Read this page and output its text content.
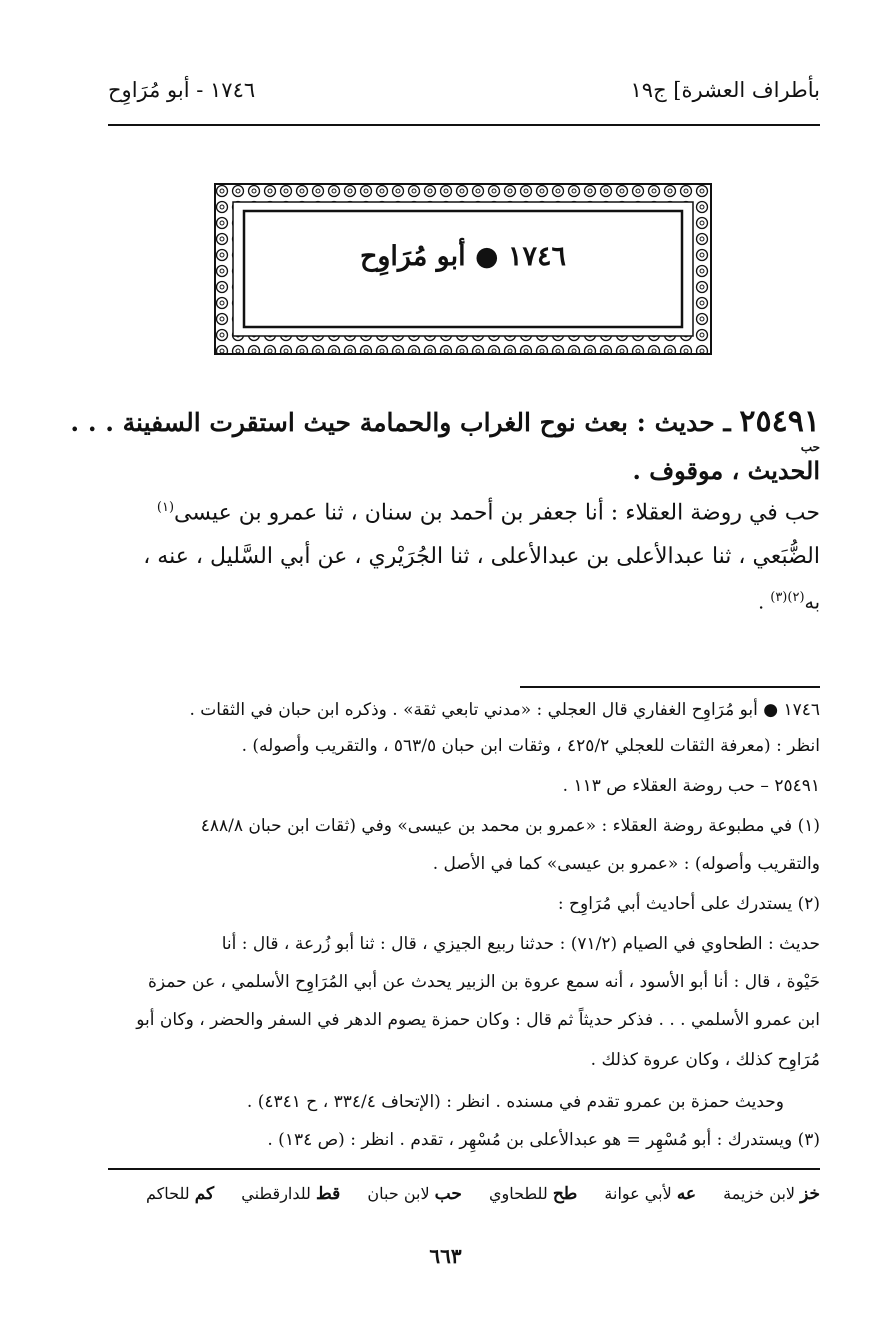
بأطراف العشرة] ج١٩
١٧٤٦ - أبو مُرَاوِح
١٧٤٦ ● أبو مُرَاوِح
٢٥٤٩١ ـ حديث : بعث نوح الغراب والحمامة حيث استقرت السفينة . . .
حب
الحديث ، موقوف .
حب في روضة العقلاء : أنا جعفر بن أحمد بن سنان ، ثنا عمرو بن عيسى$^{(١)}$
الضُّبَعي ، ثنا عبدالأعلى بن عبدالأعلى ، ثنا الجُرَيْري ، عن أبي السَّليل ، عنه ،
به$^{(٢)(٣)}$ .
١٧٤٦ ● أبو مُرَاوِح الغفاري قال العجلي : «مدني تابعي ثقة» . وذكره ابن حبان في الثقات .
انظر : (معرفة الثقات للعجلي ٤٢٥/٢ ، وثقات ابن حبان ٥٦٣/٥ ، والتقريب وأصوله) .
٢٥٤٩١ – حب روضة العقلاء ص ١١٣ .
(١) في مطبوعة روضة العقلاء : «عمرو بن محمد بن عيسى» وفي (ثقات ابن حبان ٤٨٨/٨
والتقريب وأصوله) : «عمرو بن عيسى» كما في الأصل .
(٢) يستدرك على أحاديث أبي مُرَاوِح :
حديث : الطحاوي في الصيام (٧١/٢) : حدثنا ربيع الجيزي ، قال : ثنا أبو زُرعة ، قال : أنا
حَيْوة ، قال : أنا أبو الأسود ، أنه سمع عروة بن الزبير يحدث عن أبي المُرَاوِح الأسلمي ، عن حمزة
ابن عمرو الأسلمي . . . فذكر حديثاً ثم قال : وكان حمزة يصوم الدهر في السفر والحضر ، وكان أبو
مُرَاوِح كذلك ، وكان عروة كذلك .
وحديث حمزة بن عمرو تقدم في مسنده . انظر : (الإتحاف ٣٣٤/٤ ، ح ٤٣٤١) .
(٣) ويستدرك : أبو مُسْهِر = هو عبدالأعلى بن مُسْهِر ، تقدم . انظر : (ص ١٣٤) .
خز لابن خزيمة عه لأبي عوانة طح للطحاوي حب لابن حبان قط للدارقطني كم للحاكم
٦٦٣
